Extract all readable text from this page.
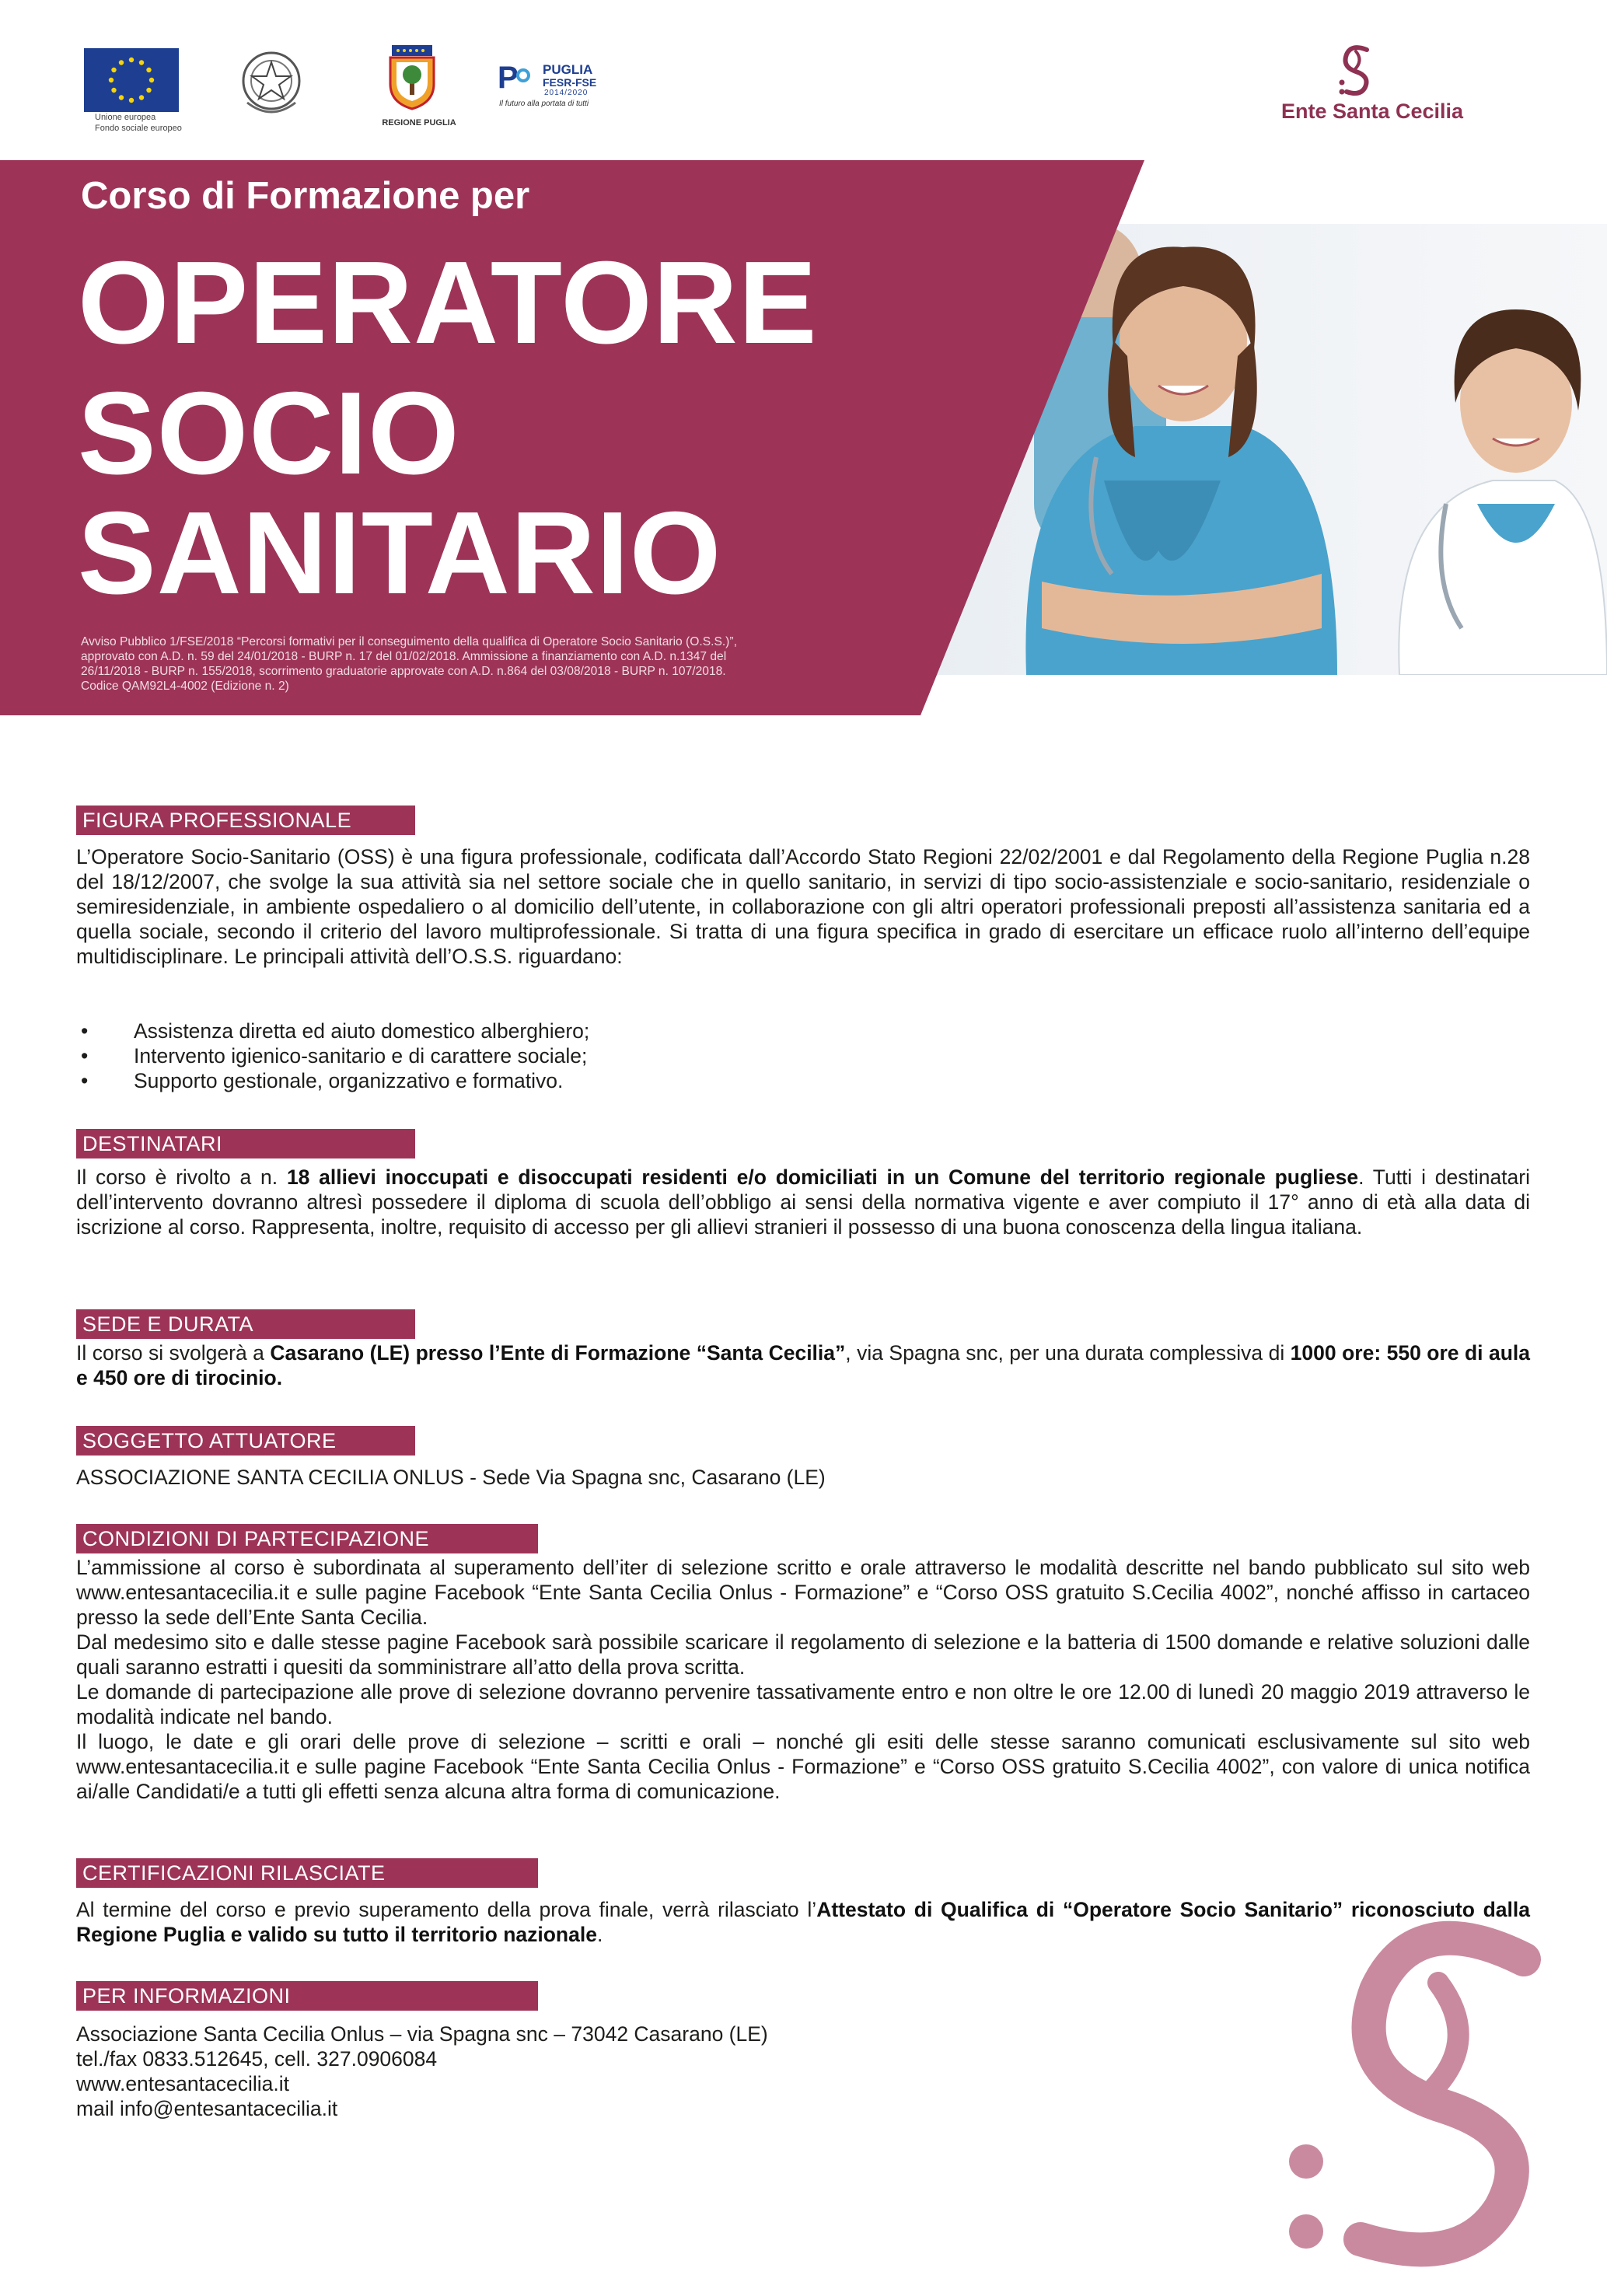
Unione europea
Fondo sociale europeo
REGIONE PUGLIA
P PUGLIA
FESR-FSE
2014/2020
Il futuro alla portata di tutti	Ente Santa Cecilia
Corso di Formazione per
OPERATORE
SOCIO
SANITARIO
Avviso Pubblico 1/FSE/2018 “Percorsi formativi per il conseguimento della qualifica di Operatore Socio Sanitario (O.S.S.)”,
approvato con A.D. n. 59 del 24/01/2018 - BURP n. 17 del 01/02/2018. Ammissione a finanziamento con A.D. n.1347 del
26/11/2018 - BURP n. 155/2018, scorrimento graduatorie approvate con A.D. n.864 del 03/08/2018 - BURP n. 107/2018.
Codice QAM92L4-4002 (Edizione n. 2)
FIGURA PROFESSIONALE
L’Operatore Socio-Sanitario (OSS) è una figura professionale, codificata dall’Accordo Stato Regioni 22/02/2001 e dal Regolamento della Regione Puglia n.28 del 18/12/2007, che svolge la sua attività sia nel settore sociale che in quello sanitario, in servizi di tipo socio-assistenziale e socio-sanitario, residenziale o semiresidenziale, in ambiente ospedaliero o al domicilio dell’utente, in collaborazione con gli altri operatori professionali preposti all’assistenza sanitaria ed a quella sociale, secondo il criterio del lavoro multiprofessionale. Si tratta di una figura specifica in grado di esercitare un efficace ruolo all’interno dell’equipe multidisciplinare. Le principali attività dell’O.S.S. riguardano:
• Assistenza diretta ed aiuto domestico alberghiero;
• Intervento igienico-sanitario e di carattere sociale;
• Supporto gestionale, organizzativo e formativo.
DESTINATARI
Il corso è rivolto a n. 18 allievi inoccupati e disoccupati residenti e/o domiciliati in un Comune del territorio regionale pugliese. Tutti i destinatari dell’intervento dovranno altresì possedere il diploma di scuola dell’obbligo ai sensi della normativa vigente e aver compiuto il 17° anno di età alla data di iscrizione al corso. Rappresenta, inoltre, requisito di accesso per gli allievi stranieri il possesso di una buona conoscenza della lingua italiana.
SEDE E DURATA
Il corso si svolgerà a Casarano (LE) presso l’Ente di Formazione “Santa Cecilia”, via Spagna snc, per una durata complessiva di 1000 ore: 550 ore di aula e 450 ore di tirocinio.
SOGGETTO ATTUATORE
ASSOCIAZIONE SANTA CECILIA ONLUS - Sede Via Spagna snc, Casarano (LE)
CONDIZIONI DI PARTECIPAZIONE
L’ammissione al corso è subordinata al superamento dell’iter di selezione scritto e orale attraverso le modalità descritte nel bando pubblicato sul sito web www.entesantacecilia.it e sulle pagine Facebook “Ente Santa Cecilia Onlus - Formazione” e “Corso OSS gratuito S.Cecilia 4002”, nonché affisso in cartaceo presso la sede dell’Ente Santa Cecilia.
Dal medesimo sito e dalle stesse pagine Facebook sarà possibile scaricare il regolamento di selezione e la batteria di 1500 domande e relative soluzioni dalle quali saranno estratti i quesiti da somministrare all’atto della prova scritta.
Le domande di partecipazione alle prove di selezione dovranno pervenire tassativamente entro e non oltre le ore 12.00 di lunedì 20 maggio 2019 attraverso le modalità indicate nel bando.
Il luogo, le date e gli orari delle prove di selezione – scritti e orali – nonché gli esiti delle stesse saranno comunicati esclusivamente sul sito web www.entesantacecilia.it e sulle pagine Facebook “Ente Santa Cecilia Onlus - Formazione” e “Corso OSS gratuito S.Cecilia 4002”, con valore di unica notifica ai/alle Candidati/e a tutti gli effetti senza alcuna altra forma di comunicazione.
CERTIFICAZIONI RILASCIATE
Al termine del corso e previo superamento della prova finale, verrà rilasciato l’Attestato di Qualifica di “Operatore Socio Sanitario” riconosciuto dalla Regione Puglia e valido su tutto il territorio nazionale.
PER INFORMAZIONI
Associazione Santa Cecilia Onlus – via Spagna snc – 73042 Casarano (LE)
tel./fax 0833.512645, cell. 327.0906084
www.entesantacecilia.it
mail info@entesantacecilia.it
